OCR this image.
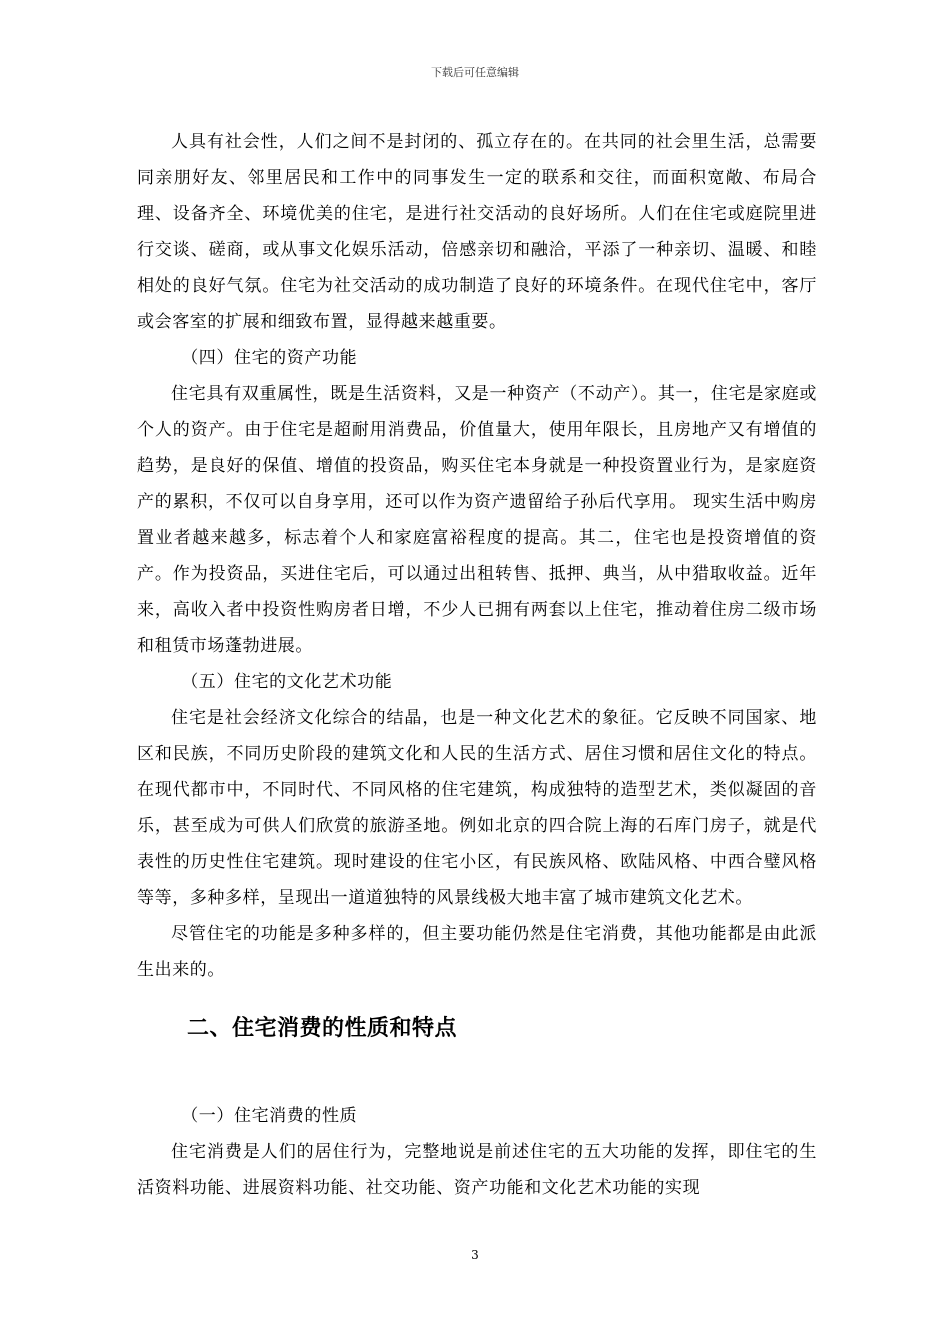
下载后可任意编辑

人具有社会性，人们之间不是封闭的、孤立存在的。在共同的社会里生活，总需要同亲朋好友、邻里居民和工作中的同事发生一定的联系和交往，而面积宽敞、布局合理、设备齐全、环境优美的住宅，是进行社交活动的良好场所。人们在住宅或庭院里进行交谈、磋商，或从事文化娱乐活动，倍感亲切和融洽，平添了一种亲切、温暖、和睦相处的良好气氛。住宅为社交活动的成功制造了良好的环境条件。在现代住宅中，客厅或会客室的扩展和细致布置，显得越来越重要。

（四）住宅的资产功能

住宅具有双重属性，既是生活资料，又是一种资产（不动产）。其一，住宅是家庭或个人的资产。由于住宅是超耐用消费品，价值量大，使用年限长，且房地产又有增值的趋势，是良好的保值、增值的投资品，购买住宅本身就是一种投资置业行为，是家庭资产的累积，不仅可以自身享用，还可以作为资产遗留给子孙后代享用。 现实生活中购房置业者越来越多，标志着个人和家庭富裕程度的提高。其二，住宅也是投资增值的资产。作为投资品，买进住宅后，可以通过出租转售、抵押、典当，从中猎取收益。近年来，高收入者中投资性购房者日增，不少人已拥有两套以上住宅，推动着住房二级市场和租赁市场蓬勃进展。

（五）住宅的文化艺术功能

住宅是社会经济文化综合的结晶，也是一种文化艺术的象征。它反映不同国家、地区和民族，不同历史阶段的建筑文化和人民的生活方式、居住习惯和居住文化的特点。在现代都市中，不同时代、不同风格的住宅建筑，构成独特的造型艺术，类似凝固的音乐，甚至成为可供人们欣赏的旅游圣地。例如北京的四合院上海的石库门房子，就是代表性的历史性住宅建筑。现时建设的住宅小区，有民族风格、欧陆风格、中西合璧风格等等，多种多样，呈现出一道道独特的风景线极大地丰富了城市建筑文化艺术。

尽管住宅的功能是多种多样的，但主要功能仍然是住宅消费，其他功能都是由此派生出来的。

二、住宅消费的性质和特点

（一）住宅消费的性质

住宅消费是人们的居住行为，完整地说是前述住宅的五大功能的发挥，即住宅的生活资料功能、进展资料功能、社交功能、资产功能和文化艺术功能的实现

3
